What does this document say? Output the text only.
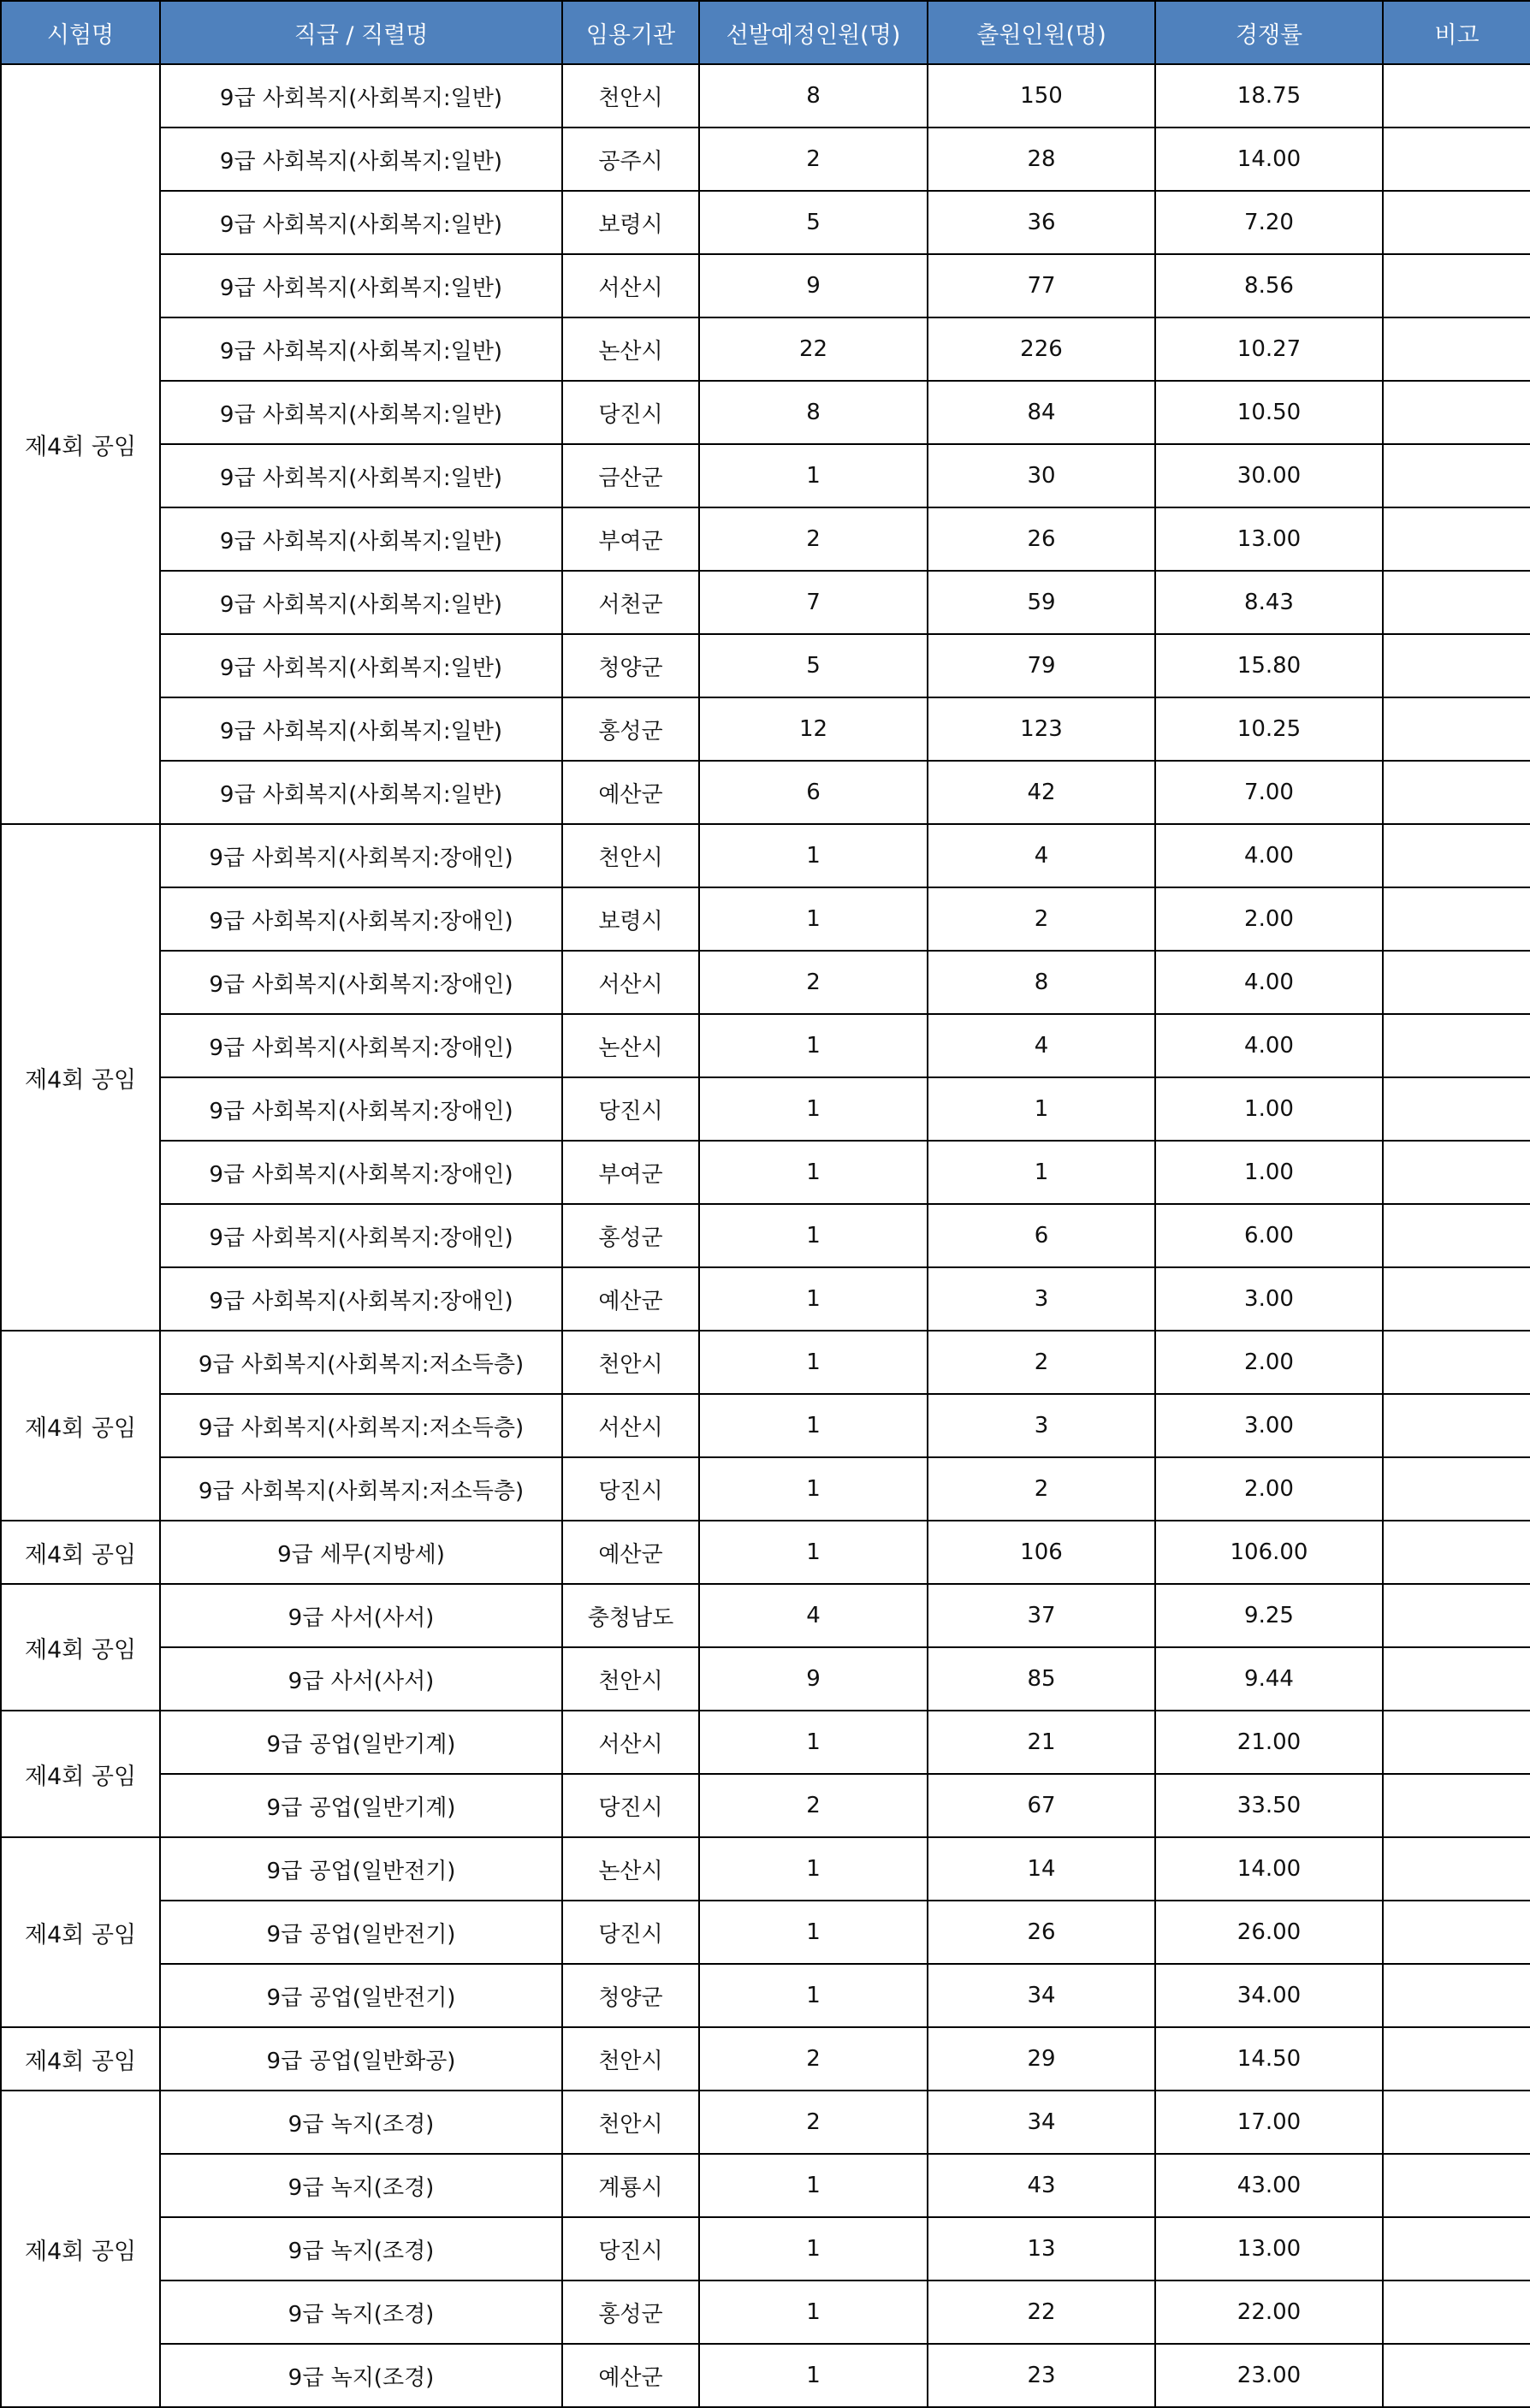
시험명	직급 / 직렬명	임용기관	선발예정인원(명)	출원인원(명)	경쟁률	비고
제4회 공임	9급 사회복지(사회복지:일반)	천안시	8	150	18.75	
	9급 사회복지(사회복지:일반)	공주시	2	28	14.00	
	9급 사회복지(사회복지:일반)	보령시	5	36	7.20	
	9급 사회복지(사회복지:일반)	서산시	9	77	8.56	
	9급 사회복지(사회복지:일반)	논산시	22	226	10.27	
	9급 사회복지(사회복지:일반)	당진시	8	84	10.50	
	9급 사회복지(사회복지:일반)	금산군	1	30	30.00	
	9급 사회복지(사회복지:일반)	부여군	2	26	13.00	
	9급 사회복지(사회복지:일반)	서천군	7	59	8.43	
	9급 사회복지(사회복지:일반)	청양군	5	79	15.80	
	9급 사회복지(사회복지:일반)	홍성군	12	123	10.25	
	9급 사회복지(사회복지:일반)	예산군	6	42	7.00	
제4회 공임	9급 사회복지(사회복지:장애인)	천안시	1	4	4.00	
	9급 사회복지(사회복지:장애인)	보령시	1	2	2.00	
	9급 사회복지(사회복지:장애인)	서산시	2	8	4.00	
	9급 사회복지(사회복지:장애인)	논산시	1	4	4.00	
	9급 사회복지(사회복지:장애인)	당진시	1	1	1.00	
	9급 사회복지(사회복지:장애인)	부여군	1	1	1.00	
	9급 사회복지(사회복지:장애인)	홍성군	1	6	6.00	
	9급 사회복지(사회복지:장애인)	예산군	1	3	3.00	
제4회 공임	9급 사회복지(사회복지:저소득층)	천안시	1	2	2.00	
	9급 사회복지(사회복지:저소득층)	서산시	1	3	3.00	
	9급 사회복지(사회복지:저소득층)	당진시	1	2	2.00	
제4회 공임	9급 세무(지방세)	예산군	1	106	106.00	
제4회 공임	9급 사서(사서)	충청남도	4	37	9.25	
	9급 사서(사서)	천안시	9	85	9.44	
제4회 공임	9급 공업(일반기계)	서산시	1	21	21.00	
	9급 공업(일반기계)	당진시	2	67	33.50	
제4회 공임	9급 공업(일반전기)	논산시	1	14	14.00	
	9급 공업(일반전기)	당진시	1	26	26.00	
	9급 공업(일반전기)	청양군	1	34	34.00	
제4회 공임	9급 공업(일반화공)	천안시	2	29	14.50	
제4회 공임	9급 녹지(조경)	천안시	2	34	17.00	
	9급 녹지(조경)	계룡시	1	43	43.00	
	9급 녹지(조경)	당진시	1	13	13.00	
	9급 녹지(조경)	홍성군	1	22	22.00	
	9급 녹지(조경)	예산군	1	23	23.00	
